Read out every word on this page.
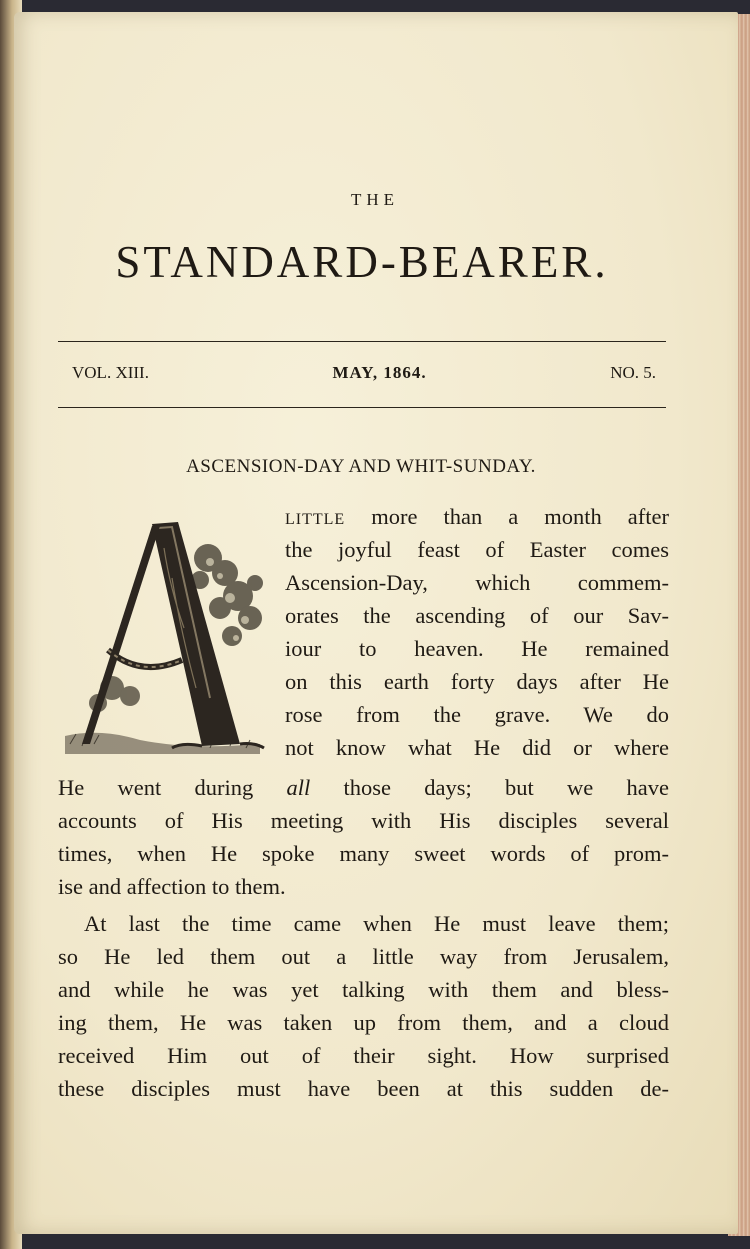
THE
STANDARD-BEARER.
VOL. XIII.	MAY, 1864.	NO. 5.
ASCENSION-DAY AND WHIT-SUNDAY.
little more than a month after
the joyful feast of Easter comes
Ascension-Day, which commem-
orates the ascending of our Sav-
iour to heaven. He remained
on this earth forty days after He
rose from the grave. We do
not know what He did or where
He went during all those days; but we have
accounts of His meeting with His disciples several
times, when He spoke many sweet words of prom-
ise and affection to them.
At last the time came when He must leave them;
so He led them out a little way from Jerusalem,
and while he was yet talking with them and bless-
ing them, He was taken up from them, and a cloud
received Him out of their sight. How surprised
these disciples must have been at this sudden de-
